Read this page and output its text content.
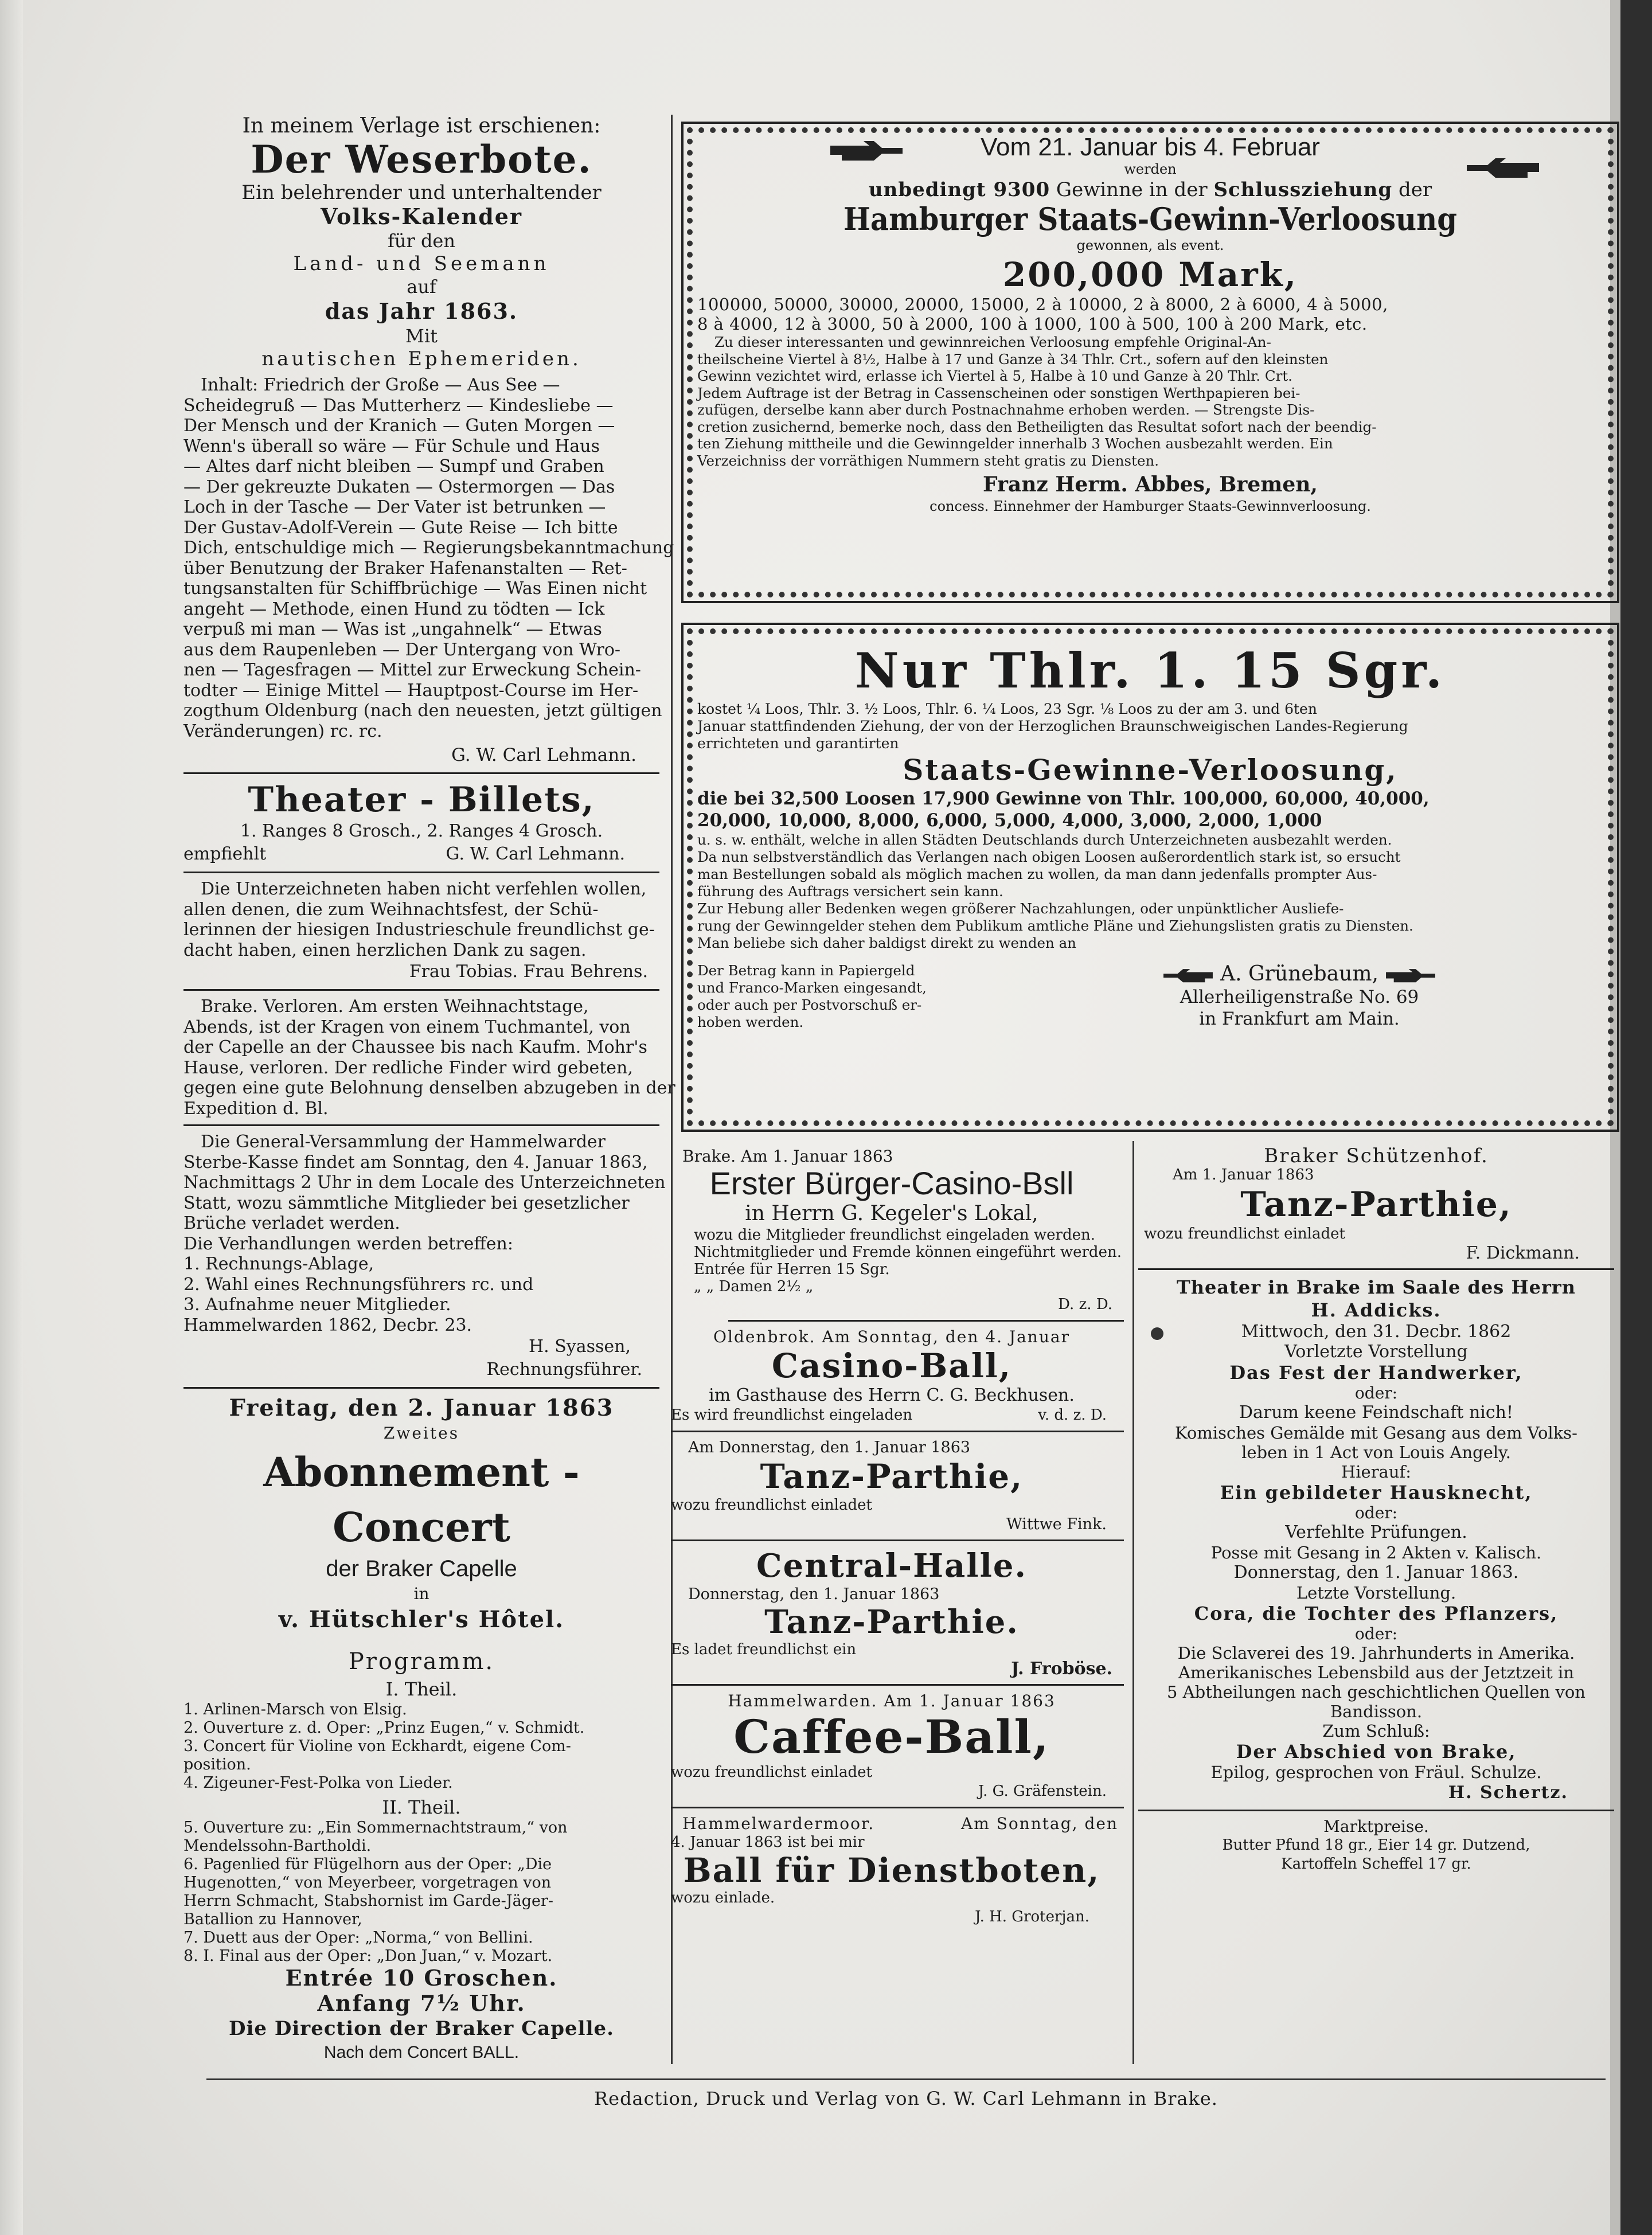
In meinem Verlage ist erschienen:

Der Weserbote.

Ein belehrender und unterhaltender

Volks-Kalender

für den

Land- und Seemann

auf

das Jahr 1863.

Mit

nautischen Ephemeriden.

Inhalt: Friedrich der Große — Aus See —
Scheidegruß — Das Mutterherz — Kindesliebe —
Der Mensch und der Kranich — Guten Morgen —
Wenn's überall so wäre — Für Schule und Haus
— Altes darf nicht bleiben — Sumpf und Graben
— Der gekreuzte Dukaten — Ostermorgen — Das
Loch in der Tasche — Der Vater ist betrunken —
Der Gustav-Adolf-Verein — Gute Reise — Ich bitte
Dich, entschuldige mich — Regierungsbekanntmachung
über Benutzung der Braker Hafenanstalten — Ret-
tungsanstalten für Schiffbrüchige — Was Einen nicht
angeht — Methode, einen Hund zu tödten — Ick
verpuß mi man — Was ist „ungahnelk“ — Etwas
aus dem Raupenleben — Der Untergang von Wro-
nen — Tagesfragen — Mittel zur Erweckung Schein-
todter — Einige Mittel — Hauptpost-Course im Her-
zogthum Oldenburg (nach den neuesten, jetzt gültigen
Veränderungen) rc. rc.

G. W. Carl Lehmann.

Theater - Billets,

1. Ranges 8 Grosch., 2. Ranges 4 Grosch.

empfiehlt	G. W. Carl Lehmann.

Die Unterzeichneten haben nicht verfehlen wollen,
allen denen, die zum Weihnachtsfest, der Schü-
lerinnen der hiesigen Industrieschule freundlichst ge-
dacht haben, einen herzlichen Dank zu sagen.

Frau Tobias. Frau Behrens.

Brake. Verloren. Am ersten Weihnachtstage,
Abends, ist der Kragen von einem Tuchmantel, von
der Capelle an der Chaussee bis nach Kaufm. Mohr's
Hause, verloren. Der redliche Finder wird gebeten,
gegen eine gute Belohnung denselben abzugeben in der
Expedition d. Bl.
Die General-Versammlung der Hammelwarder
Sterbe-Kasse findet am Sonntag, den 4. Januar 1863,
Nachmittags 2 Uhr in dem Locale des Unterzeichneten
Statt, wozu sämmtliche Mitglieder bei gesetzlicher
Brüche verladet werden.
Die Verhandlungen werden betreffen:
1. Rechnungs-Ablage,
2. Wahl eines Rechnungsführers rc. und
3. Aufnahme neuer Mitglieder.
Hammelwarden 1862, Decbr. 23.

H. Syassen,

Rechnungsführer.

Freitag, den 2. Januar 1863

Zweites

Abonnement - Concert

der Braker Capelle

in

v. Hütschler's Hôtel.

Programm.

I. Theil.

1. Arlinen-Marsch von Elsig.
2. Ouverture z. d. Oper: „Prinz Eugen,“ v. Schmidt.
3. Concert für Violine von Eckhardt, eigene Com-
position.
4. Zigeuner-Fest-Polka von Lieder.

II. Theil.

5. Ouverture zu: „Ein Sommernachtstraum,“ von
Mendelssohn-Bartholdi.
6. Pagenlied für Flügelhorn aus der Oper: „Die
Hugenotten,“ von Meyerbeer, vorgetragen von
Herrn Schmacht, Stabshornist im Garde-Jäger-
Batallion zu Hannover,
7. Duett aus der Oper: „Norma,“ von Bellini.
8. I. Final aus der Oper: „Don Juan,“ v. Mozart.

Entrée 10 Groschen.

Anfang 7½ Uhr.

Die Direction der Braker Capelle.

Nach dem Concert BALL.

Vom 21. Januar bis 4. Februar

werden

unbedingt 9300 Gewinne in der Schlussziehung der

Hamburger Staats-Gewinn-Verloosung

gewonnen, als event.

200,000 Mark,

100000, 50000, 30000, 20000, 15000, 2 à 10000, 2 à 8000, 2 à 6000, 4 à 5000,

8 à 4000, 12 à 3000, 50 à 2000, 100 à 1000, 100 à 500, 100 à 200 Mark, etc.

Zu dieser interessanten und gewinnreichen Verloosung empfehle Original-An-
theilscheine Viertel à 8½, Halbe à 17 und Ganze à 34 Thlr. Crt., sofern auf den kleinsten
Gewinn vezichtet wird, erlasse ich Viertel à 5, Halbe à 10 und Ganze à 20 Thlr. Crt.
Jedem Auftrage ist der Betrag in Cassenscheinen oder sonstigen Werthpapieren bei-
zufügen, derselbe kann aber durch Postnachnahme erhoben werden. — Strengste Dis-
cretion zusichernd, bemerke noch, dass den Betheiligten das Resultat sofort nach der beendig-
ten Ziehung mittheile und die Gewinngelder innerhalb 3 Wochen ausbezahlt werden. Ein
Verzeichniss der vorräthigen Nummern steht gratis zu Diensten.

Franz Herm. Abbes, Bremen,

concess. Einnehmer der Hamburger Staats-Gewinnverloosung.

Nur Thlr. 1. 15 Sgr.

kostet ¼ Loos, Thlr. 3. ½ Loos, Thlr. 6. ¼ Loos, 23 Sgr. ⅛ Loos zu der am 3. und 6ten

Januar stattfindenden Ziehung, der von der Herzoglichen Braunschweigischen Landes-Regierung

errichteten und garantirten

Staats-Gewinne-Verloosung,

die bei 32,500 Loosen 17,900 Gewinne von Thlr. 100,000, 60,000, 40,000,

20,000, 10,000, 8,000, 6,000, 5,000, 4,000, 3,000, 2,000, 1,000

u. s. w. enthält, welche in allen Städten Deutschlands durch Unterzeichneten ausbezahlt werden.
Da nun selbstverständlich das Verlangen nach obigen Loosen außerordentlich stark ist, so ersucht
man Bestellungen sobald als möglich machen zu wollen, da man dann jedenfalls prompter Aus-
führung des Auftrags versichert sein kann.
Zur Hebung aller Bedenken wegen größerer Nachzahlungen, oder unpünktlicher Ausliefe-
rung der Gewinngelder stehen dem Publikum amtliche Pläne und Ziehungslisten gratis zu Diensten.
Man beliebe sich daher baldigst direkt zu wenden an
Der Betrag kann in Papiergeld
und Franco-Marken eingesandt,
oder auch per Postvorschuß er-
hoben werden.

A. Grünebaum,

Allerheiligenstraße No. 69

in Frankfurt am Main.

Brake. Am 1. Januar 1863

Erster Bürger-Casino-Bsll

in Herrn G. Kegeler's Lokal,

wozu die Mitglieder freundlichst eingeladen werden.
Nichtmitglieder und Fremde können eingeführt werden.
Entrée für Herren 15 Sgr.
„ „ Damen 2½ „

D. z. D.

Oldenbrok. Am Sonntag, den 4. Januar

Casino-Ball,

im Gasthause des Herrn C. G. Beckhusen.

Es wird freundlichst eingeladen	v. d. z. D.

Am Donnerstag, den 1. Januar 1863

Tanz-Parthie,

wozu freundlichst einladet

Wittwe Fink.

Central-Halle.

Donnerstag, den 1. Januar 1863

Tanz-Parthie.

Es ladet freundlichst ein

J. Froböse.

Hammelwarden. Am 1. Januar 1863

Caffee-Ball,

wozu freundlichst einladet

J. G. Gräfenstein.

Hammelwardermoor.	Am Sonntag, den

4. Januar 1863 ist bei mir

Ball für Dienstboten,

wozu einlade.

J. H. Groterjan.

Braker Schützenhof.

Am 1. Januar 1863

Tanz-Parthie,

wozu freundlichst einladet

F. Dickmann.

Theater in Brake im Saale des Herrn

H. Addicks.

Mittwoch, den 31. Decbr. 1862

Vorletzte Vorstellung

Das Fest der Handwerker,

oder:

Darum keene Feindschaft nich!

Komisches Gemälde mit Gesang aus dem Volks-

leben in 1 Act von Louis Angely.

Hierauf:

Ein gebildeter Hausknecht,

oder:

Verfehlte Prüfungen.

Posse mit Gesang in 2 Akten v. Kalisch.

Donnerstag, den 1. Januar 1863.

Letzte Vorstellung.

Cora, die Tochter des Pflanzers,

oder:

Die Sclaverei des 19. Jahrhunderts in Amerika.

Amerikanisches Lebensbild aus der Jetztzeit in

5 Abtheilungen nach geschichtlichen Quellen von

Bandisson.

Zum Schluß:

Der Abschied von Brake,

Epilog, gesprochen von Fräul. Schulze.

H. Schertz.

Marktpreise.

Butter Pfund 18 gr., Eier 14 gr. Dutzend,

Kartoffeln Scheffel 17 gr.

Redaction, Druck und Verlag von G. W. Carl Lehmann in Brake.
